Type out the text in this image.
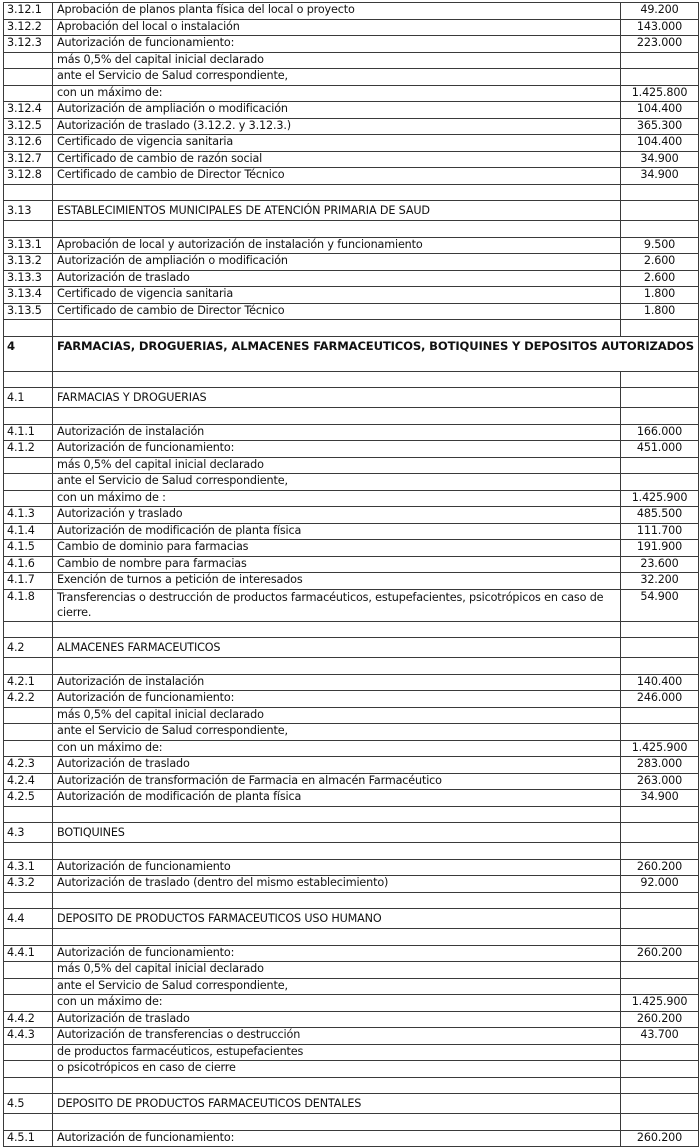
3.12.1	Aprobación de planos planta física del local o proyecto	49.200
3.12.2	Aprobación del local o instalación	143.000
3.12.3	Autorización de funcionamiento:	223.000
	más 0,5% del capital inicial declarado	
	ante el Servicio de Salud correspondiente,	
	con un máximo de:	1.425.800
3.12.4	Autorización de ampliación o modificación	104.400
3.12.5	Autorización de traslado (3.12.2. y 3.12.3.)	365.300
3.12.6	Certificado de vigencia sanitaria	104.400
3.12.7	Certificado de cambio de razón social	34.900
3.12.8	Certificado de cambio de Director Técnico	34.900

3.13	ESTABLECIMIENTOS MUNICIPALES DE ATENCIÓN PRIMARIA DE SAUD	

3.13.1	Aprobación de local y autorización de instalación y funcionamiento	9.500
3.13.2	Autorización de ampliación o modificación	2.600
3.13.3	Autorización de traslado	2.600
3.13.4	Certificado de vigencia sanitaria	1.800
3.13.5	Certificado de cambio de Director Técnico	1.800

4	FARMACIAS, DROGUERIAS, ALMACENES FARMACEUTICOS, BOTIQUINES Y DEPOSITOS AUTORIZADOS	

4.1	FARMACIAS Y DROGUERIAS	

4.1.1	Autorización de instalación	166.000
4.1.2	Autorización de funcionamiento:	451.000
	más 0,5% del capital inicial declarado	
	ante el Servicio de Salud correspondiente,	
	con un máximo de :	1.425.900
4.1.3	Autorización y traslado	485.500
4.1.4	Autorización de modificación de planta física	111.700
4.1.5	Cambio de dominio para farmacias	191.900
4.1.6	Cambio de nombre para farmacias	23.600
4.1.7	Exención de turnos a petición de interesados	32.200
4.1.8	Transferencias o destrucción de productos farmacéuticos, estupefacientes, psicotrópicos en caso de cierre.	54.900

4.2	ALMACENES FARMACEUTICOS	

4.2.1	Autorización de instalación	140.400
4.2.2	Autorización de funcionamiento:	246.000
	más 0,5% del capital inicial declarado	
	ante el Servicio de Salud correspondiente,	
	con un máximo de:	1.425.900
4.2.3	Autorización de traslado	283.000
4.2.4	Autorización de transformación de Farmacia en almacén Farmacéutico	263.000
4.2.5	Autorización de modificación de planta física	34.900

4.3	BOTIQUINES	

4.3.1	Autorización de funcionamiento	260.200
4.3.2	Autorización de traslado (dentro del mismo establecimiento)	92.000

4.4	DEPOSITO DE PRODUCTOS FARMACEUTICOS USO HUMANO	

4.4.1	Autorización de funcionamiento:	260.200
	más 0,5% del capital inicial declarado	
	ante el Servicio de Salud correspondiente,	
	con un máximo de:	1.425.900
4.4.2	Autorización de traslado	260.200
4.4.3	Autorización de transferencias o destrucción	43.700
	de productos farmacéuticos, estupefacientes	
	o psicotrópicos en caso de cierre	

4.5	DEPOSITO DE PRODUCTOS FARMACEUTICOS DENTALES	

4.5.1	Autorización de funcionamiento:	260.200
